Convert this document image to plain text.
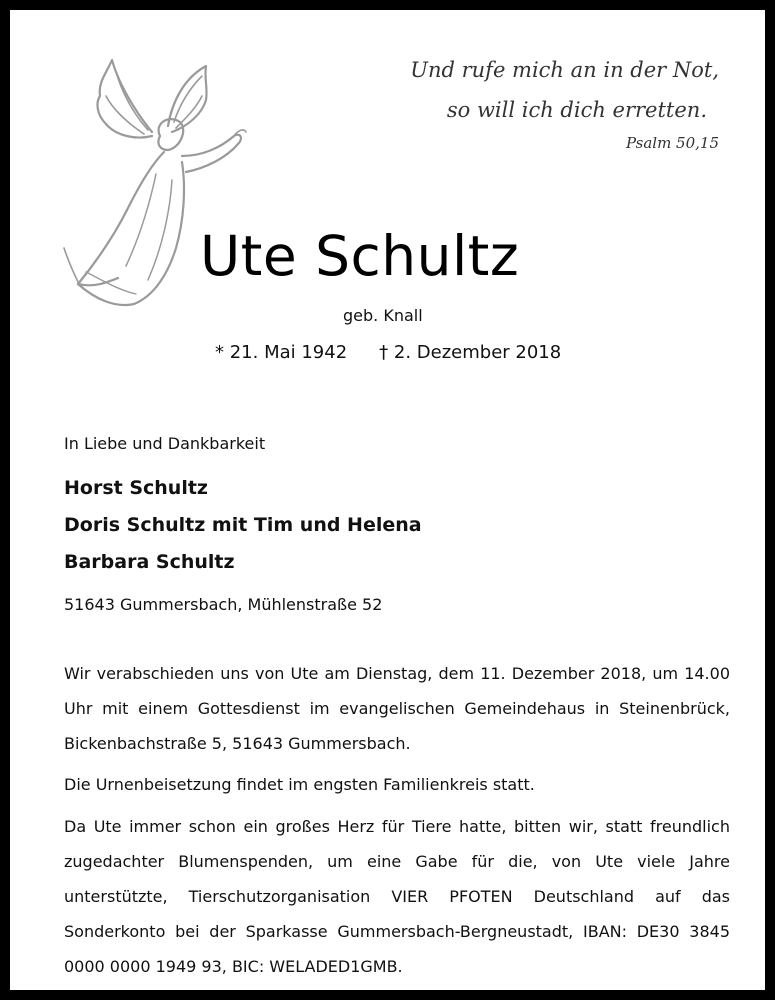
Und rufe mich an in der Not,
so will ich dich erretten.
Psalm 50,15
Ute Schultz
geb. Knall
* 21. Mai 1942 † 2. Dezember 2018
In Liebe und Dankbarkeit
Horst Schultz
Doris Schultz mit Tim und Helena
Barbara Schultz
51643 Gummersbach, Mühlenstraße 52

Wir verabschieden uns von Ute am Dienstag, dem 11. Dezember 2018, um 14.00 Uhr mit einem Gottesdienst im evangelischen Gemeindehaus in Steinenbrück, Bickenbachstraße 5, 51643 Gummersbach.

Die Urnenbeisetzung findet im engsten Familienkreis statt.

Da Ute immer schon ein großes Herz für Tiere hatte, bitten wir, statt freundlich zugedachter Blumenspenden, um eine Gabe für die, von Ute viele Jahre unterstützte, Tierschutzorganisation VIER PFOTEN Deutschland auf das Sonderkonto bei der Sparkasse Gummersbach-Bergneustadt, IBAN: DE30 3845 0000 0000 1949 93, BIC: WELADED1GMB.
